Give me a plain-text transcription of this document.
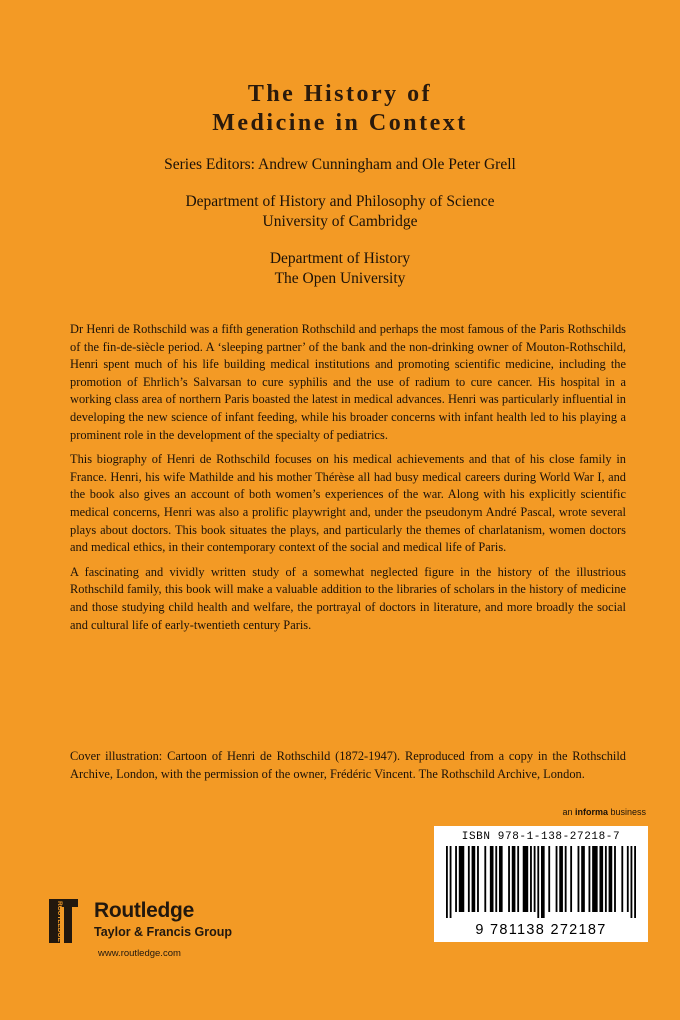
The History of
Medicine in Context
Series Editors: Andrew Cunningham and Ole Peter Grell
Department of History and Philosophy of Science
University of Cambridge
Department of History
The Open University

Dr Henri de Rothschild was a fifth generation Rothschild and perhaps the most famous of the Paris Rothschilds of the fin-de-siècle period. A ‘sleeping partner’ of the bank and the non-drinking owner of Mouton-Rothschild, Henri spent much of his life building medical institutions and promoting scientific medicine, including the promotion of Ehrlich’s Salvarsan to cure syphilis and the use of radium to cure cancer. His hospital in a working class area of northern Paris boasted the latest in medical advances. Henri was particularly influential in developing the new science of infant feeding, while his broader concerns with infant health led to his playing a prominent role in the development of the specialty of pediatrics.

This biography of Henri de Rothschild focuses on his medical achievements and that of his close family in France. Henri, his wife Mathilde and his mother Thérèse all had busy medical careers during World War I, and the book also gives an account of both women’s experiences of the war. Along with his explicitly scientific medical concerns, Henri was also a prolific playwright and, under the pseudonym André Pascal, wrote several plays about doctors. This book situates the plays, and particularly the themes of charlatanism, women doctors and medical ethics, in their contemporary context of the social and medical life of Paris.

A fascinating and vividly written study of a somewhat neglected figure in the history of the illustrious Rothschild family, this book will make a valuable addition to the libraries of scholars in the history of medicine and those studying child health and welfare, the portrayal of doctors in literature, and more broadly the social and cultural life of early-twentieth century Paris.

Cover illustration: Cartoon of Henri de Rothschild (1872-1947). Reproduced from a copy in the Rothschild Archive, London, with the permission of the owner, Frédéric Vincent. The Rothschild Archive, London.
an informa business
ISBN 978-1-138-27218-7
9 781138 272187
ROUTLEDGE Routledge
Taylor & Francis Group
www.routledge.com
